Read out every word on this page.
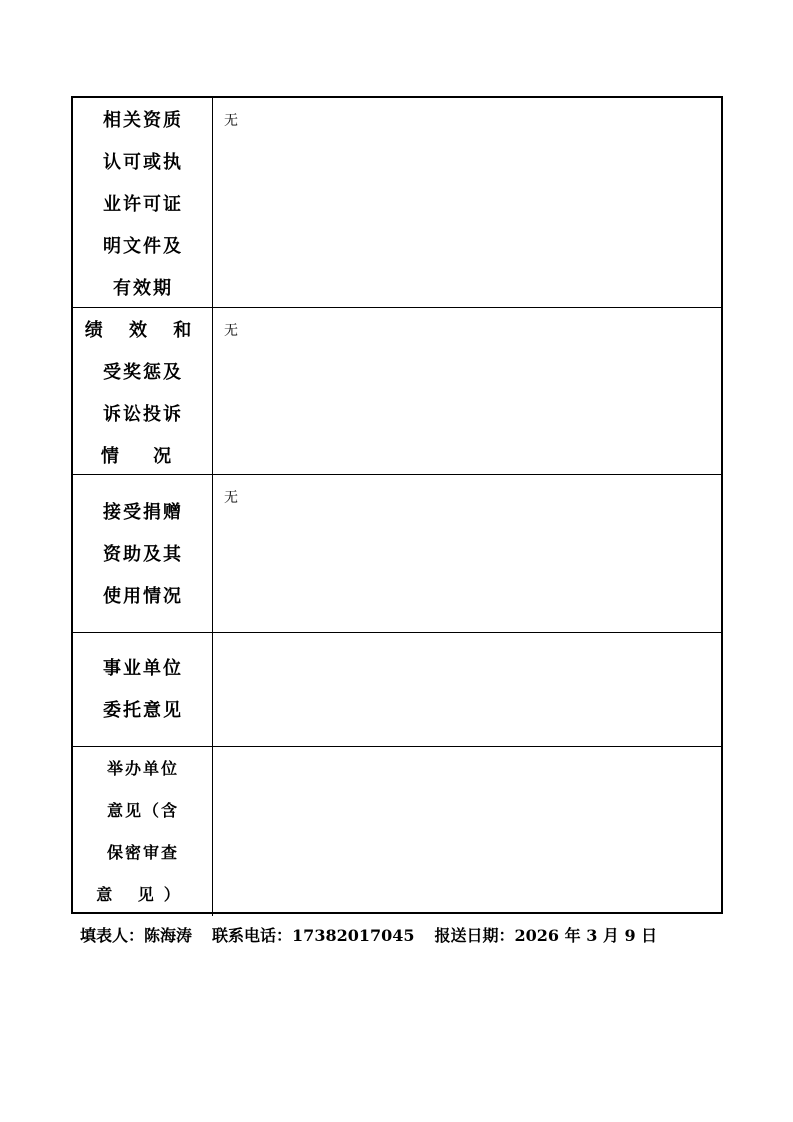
相关资质
认可或执
业许可证
明文件及
有效期
无
绩 效 和
受奖惩及
诉讼投诉
情 况
无
接受捐赠
资助及其
使用情况
无
事业单位
委托意见
举办单位
意见（含
保密审查
意 见）
填表人：陈海涛 联系电话：17382017045 报送日期：2026 年 3 月 9 日
